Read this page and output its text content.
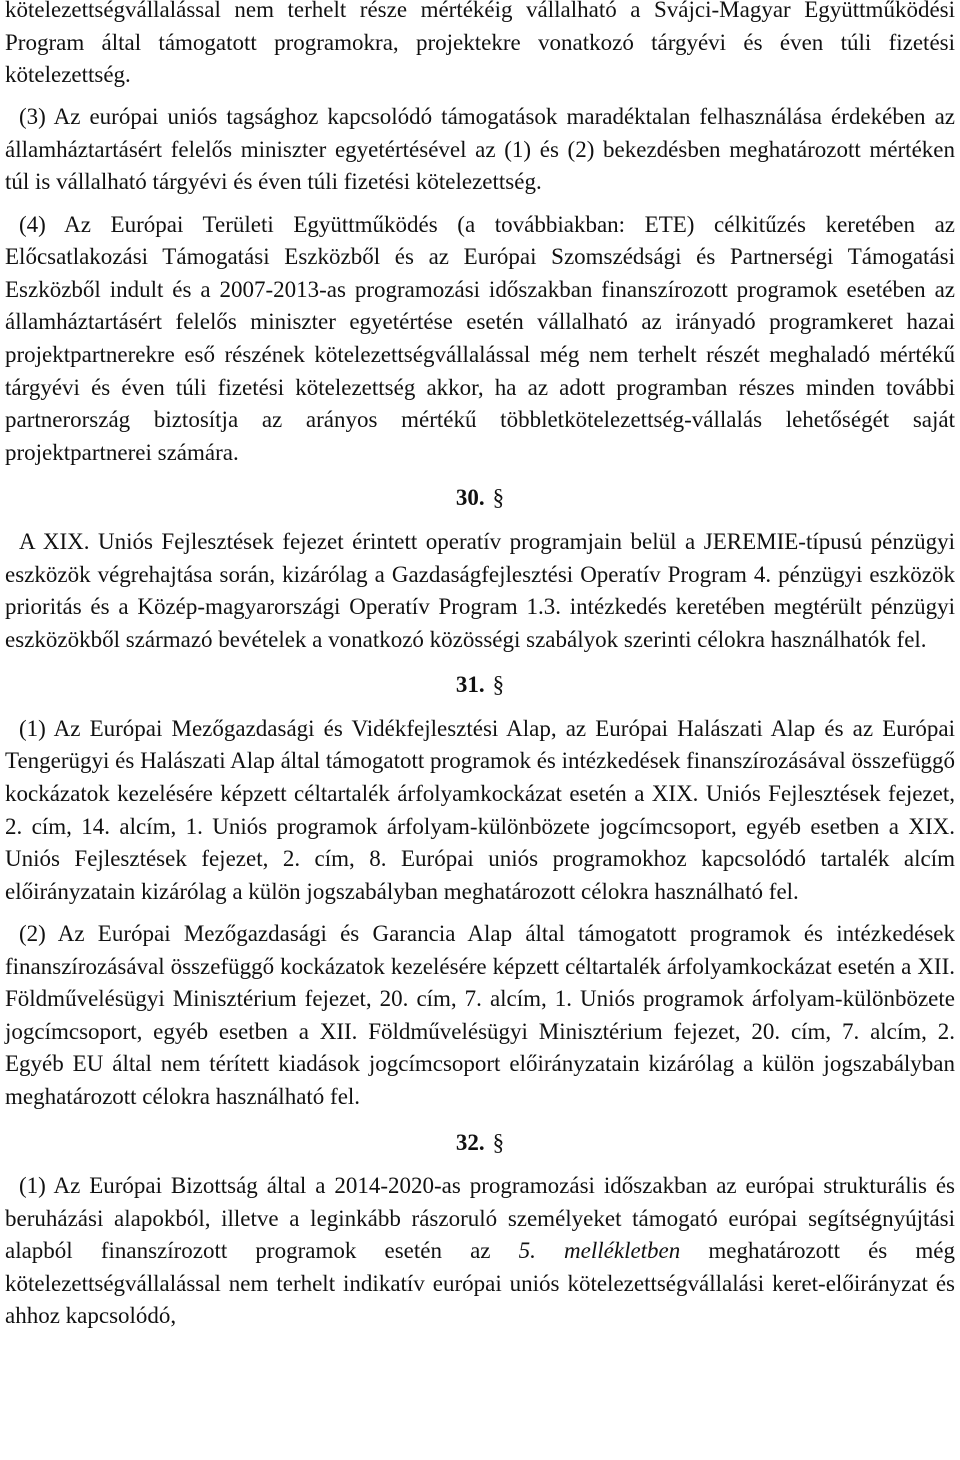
kötelezettségvállalással nem terhelt része mértékéig vállalható a Svájci-Magyar Együttműködési Program által támogatott programokra, projektekre vonatkozó tárgyévi és éven túli fizetési kötelezettség.

(3) Az európai uniós tagsághoz kapcsolódó támogatások maradéktalan felhasználása érdekében az államháztartásért felelős miniszter egyetértésével az (1) és (2) bekezdésben meghatározott mértéken túl is vállalható tárgyévi és éven túli fizetési kötelezettség.

(4) Az Európai Területi Együttműködés (a továbbiakban: ETE) célkitűzés keretében az Előcsatlakozási Támogatási Eszközből és az Európai Szomszédsági és Partnerségi Támogatási Eszközből indult és a 2007-2013-as programozási időszakban finanszírozott programok esetében az államháztartásért felelős miniszter egyetértése esetén vállalható az irányadó programkeret hazai projektpartnerekre eső részének kötelezettségvállalással még nem terhelt részét meghaladó mértékű tárgyévi és éven túli fizetési kötelezettség akkor, ha az adott programban részes minden további partnerország biztosítja az arányos mértékű többletkötelezettség-vállalás lehetőségét saját projektpartnerei számára.

30. §

A XIX. Uniós Fejlesztések fejezet érintett operatív programjain belül a JEREMIE-típusú pénzügyi eszközök végrehajtása során, kizárólag a Gazdaságfejlesztési Operatív Program 4. pénzügyi eszközök prioritás és a Közép-magyarországi Operatív Program 1.3. intézkedés keretében megtérült pénzügyi eszközökből származó bevételek a vonatkozó közösségi szabályok szerinti célokra használhatók fel.

31. §

(1) Az Európai Mezőgazdasági és Vidékfejlesztési Alap, az Európai Halászati Alap és az Európai Tengerügyi és Halászati Alap által támogatott programok és intézkedések finanszírozásával összefüggő kockázatok kezelésére képzett céltartalék árfolyamkockázat esetén a XIX. Uniós Fejlesztések fejezet, 2. cím, 14. alcím, 1. Uniós programok árfolyam-különbözete jogcímcsoport, egyéb esetben a XIX. Uniós Fejlesztések fejezet, 2. cím, 8. Európai uniós programokhoz kapcsolódó tartalék alcím előirányzatain kizárólag a külön jogszabályban meghatározott célokra használható fel.

(2) Az Európai Mezőgazdasági és Garancia Alap által támogatott programok és intézkedések finanszírozásával összefüggő kockázatok kezelésére képzett céltartalék árfolyamkockázat esetén a XII. Földművelésügyi Minisztérium fejezet, 20. cím, 7. alcím, 1. Uniós programok árfolyam-különbözete jogcímcsoport, egyéb esetben a XII. Földművelésügyi Minisztérium fejezet, 20. cím, 7. alcím, 2. Egyéb EU által nem térített kiadások jogcímcsoport előirányzatain kizárólag a külön jogszabályban meghatározott célokra használható fel.

32. §

(1) Az Európai Bizottság által a 2014-2020-as programozási időszakban az európai strukturális és beruházási alapokból, illetve a leginkább rászoruló személyeket támogató európai segítségnyújtási alapból finanszírozott programok esetén az 5. mellékletben meghatározott és még kötelezettségvállalással nem terhelt indikatív európai uniós kötelezettségvállalási keret-előirányzat és ahhoz kapcsolódó,
